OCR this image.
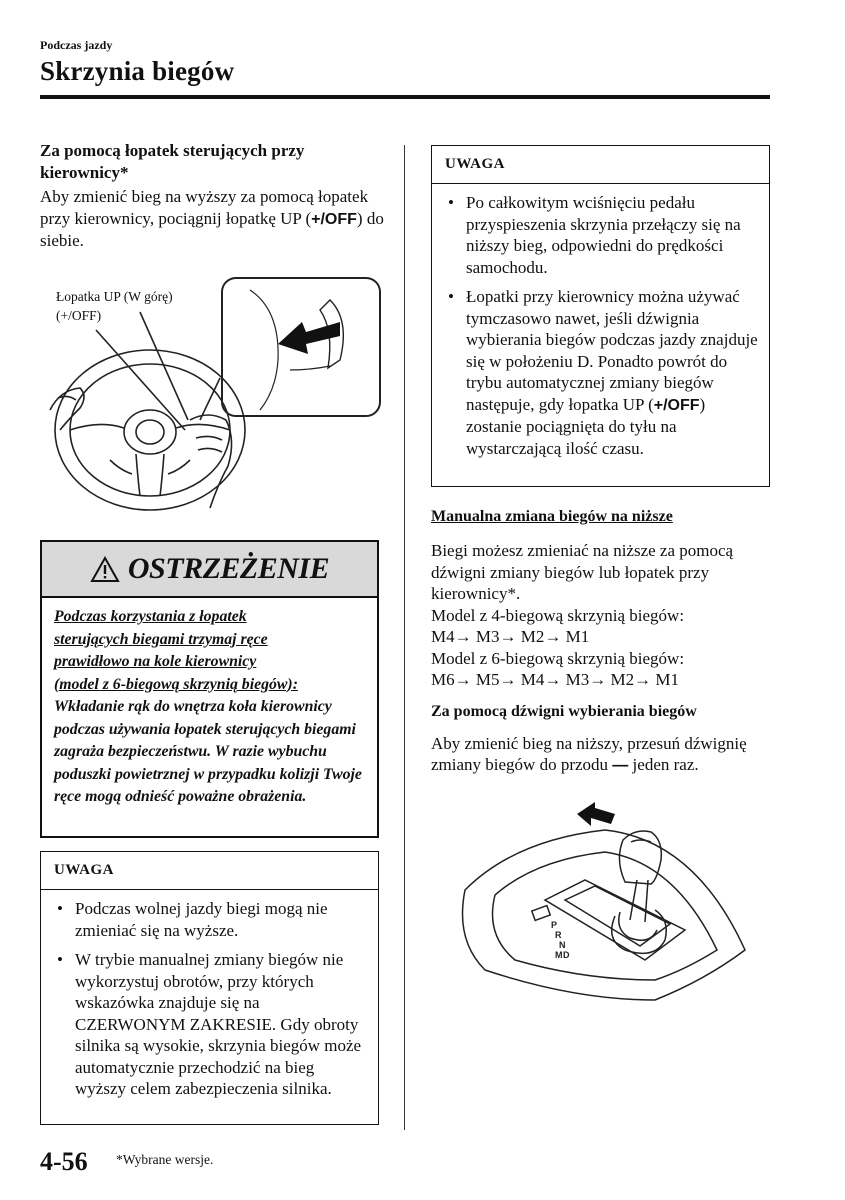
Podczas jazdy
Skrzynia biegów
Za pomocą łopatek sterujących przy kierownicy*
Aby zmienić bieg na wyższy za pomocą łopatek przy kierownicy, pociągnij łopatkę UP (+/OFF) do siebie.
Łopatka UP (W górę)
(+/OFF)
OSTRZEŻENIE
Podczas korzystania z łopatek
sterujących biegami trzymaj ręce
prawidłowo na kole kierownicy
(model z 6-biegową skrzynią biegów):
Wkładanie rąk do wnętrza koła kierownicy podczas używania łopatek sterujących biegami zagraża bezpieczeństwu. W razie wybuchu poduszki powietrznej w przypadku kolizji Twoje ręce mogą odnieść poważne obrażenia.
UWAGA
• Podczas wolnej jazdy biegi mogą nie zmieniać się na wyższe.
• W trybie manualnej zmiany biegów nie wykorzystuj obrotów, przy których wskazówka znajduje się na CZERWONYM ZAKRESIE. Gdy obroty silnika są wysokie, skrzynia biegów może automatycznie przechodzić na bieg wyższy celem zabezpieczenia silnika.
UWAGA
• Po całkowitym wciśnięciu pedału przyspieszenia skrzynia przełączy się na niższy bieg, odpowiedni do prędkości samochodu.
• Łopatki przy kierownicy można używać tymczasowo nawet, jeśli dźwignia wybierania biegów podczas jazdy znajduje się w położeniu D. Ponadto powrót do trybu automatycznej zmiany biegów następuje, gdy łopatka UP (+/OFF) zostanie pociągnięta do tyłu na wystarczającą ilość czasu.
Manualna zmiana biegów na niższe
Biegi możesz zmieniać na niższe za pomocą dźwigni zmiany biegów lub łopatek przy kierownicy*.
Model z 4-biegową skrzynią biegów:
M4→ M3→ M2→ M1
Model z 6-biegową skrzynią biegów:
M6→ M5→ M4→ M3→ M2→ M1
Za pomocą dźwigni wybierania biegów
Aby zmienić bieg na niższy, przesuń dźwignię zmiany biegów do przodu — jeden raz.
P
R
N
D
M
4-56 *Wybrane wersje.
